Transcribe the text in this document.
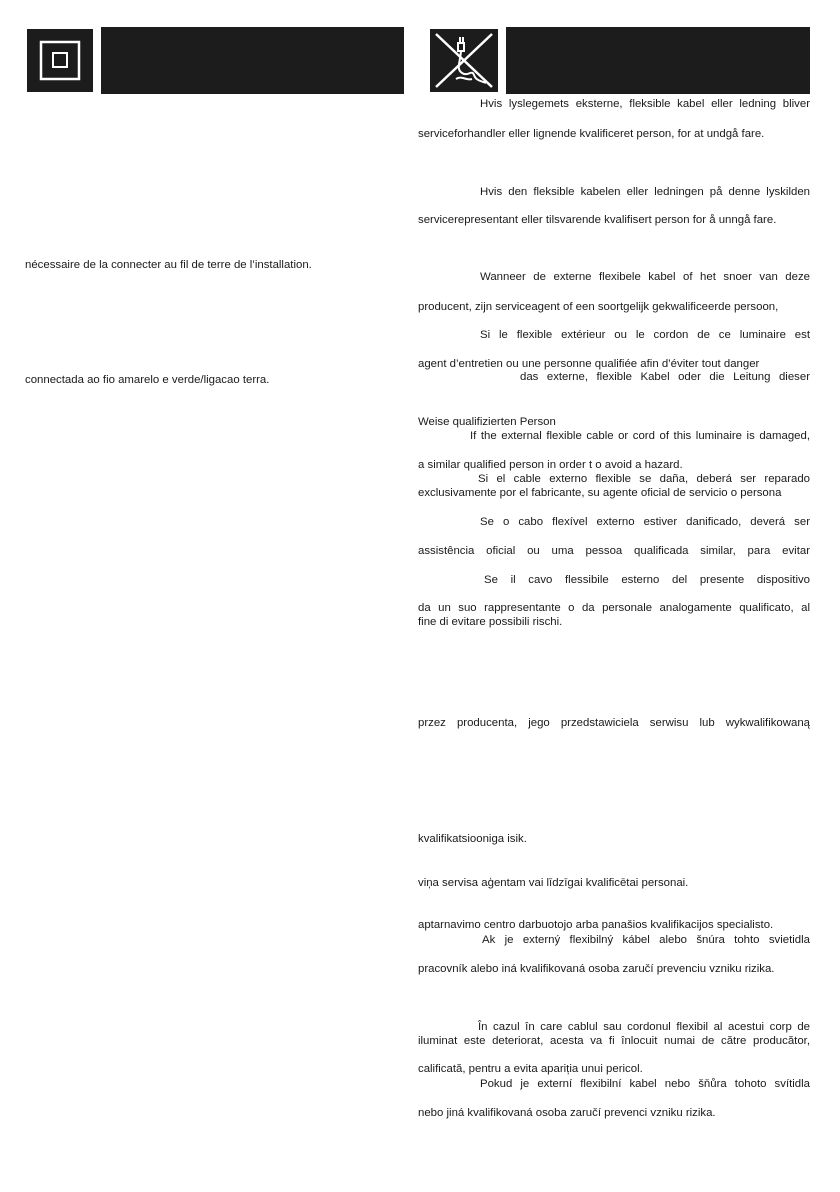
nécessaire de la connecter au fil de terre de l’installation.
connectada ao fio amarelo e verde/ligacao terra.
Hvis lyslegemets eksterne, fleksible kabel eller ledning bliver
serviceforhandler eller lignende kvalificeret person, for at undgå fare.
Hvis den fleksible kabelen eller ledningen på denne lyskilden
servicerepresentant eller tilsvarende kvalifisert person for å unngå fare.
Wanneer de externe flexibele kabel of het snoer van deze
producent, zijn serviceagent of een soortgelijk gekwalificeerde persoon,
Si le flexible extérieur ou le cordon de ce luminaire est
agent d’entretien ou une personne qualifiée afin d’éviter tout danger
das externe, flexible Kabel oder die Leitung dieser
Weise qualifizierten Person
If the external flexible cable or cord of this luminaire is damaged,
a similar qualified person in order t o avoid a hazard.
Si el cable externo flexible se daña, deberá ser reparado
exclusivamente por el fabricante, su agente oficial de servicio o persona
Se o cabo flexível externo estiver danificado, deverá ser
assistência oficial ou uma pessoa qualificada similar, para evitar
Se il cavo flessibile esterno del presente dispositivo
da un suo rappresentante o da personale analogamente qualificato, al
fine di evitare possibili rischi.
przez producenta, jego przedstawiciela serwisu lub wykwalifikowaną
kvalifikatsiooniga isik.
viņa servisa aģentam vai līdzīgai kvalificētai personai.
aptarnavimo centro darbuotojo arba panašios kvalifikacijos specialisto.
Ak je externý flexibilný kábel alebo šnúra tohto svietidla
pracovník alebo iná kvalifikovaná osoba zaručí prevenciu vzniku rizika.
În cazul în care cablul sau cordonul flexibil al acestui corp de
iluminat este deteriorat, acesta va fi înlocuit numai de către producător,
calificată, pentru a evita apariția unui pericol.
Pokud je externí flexibilní kabel nebo šňůra tohoto svítidla
nebo jiná kvalifikovaná osoba zaručí prevenci vzniku rizika.
